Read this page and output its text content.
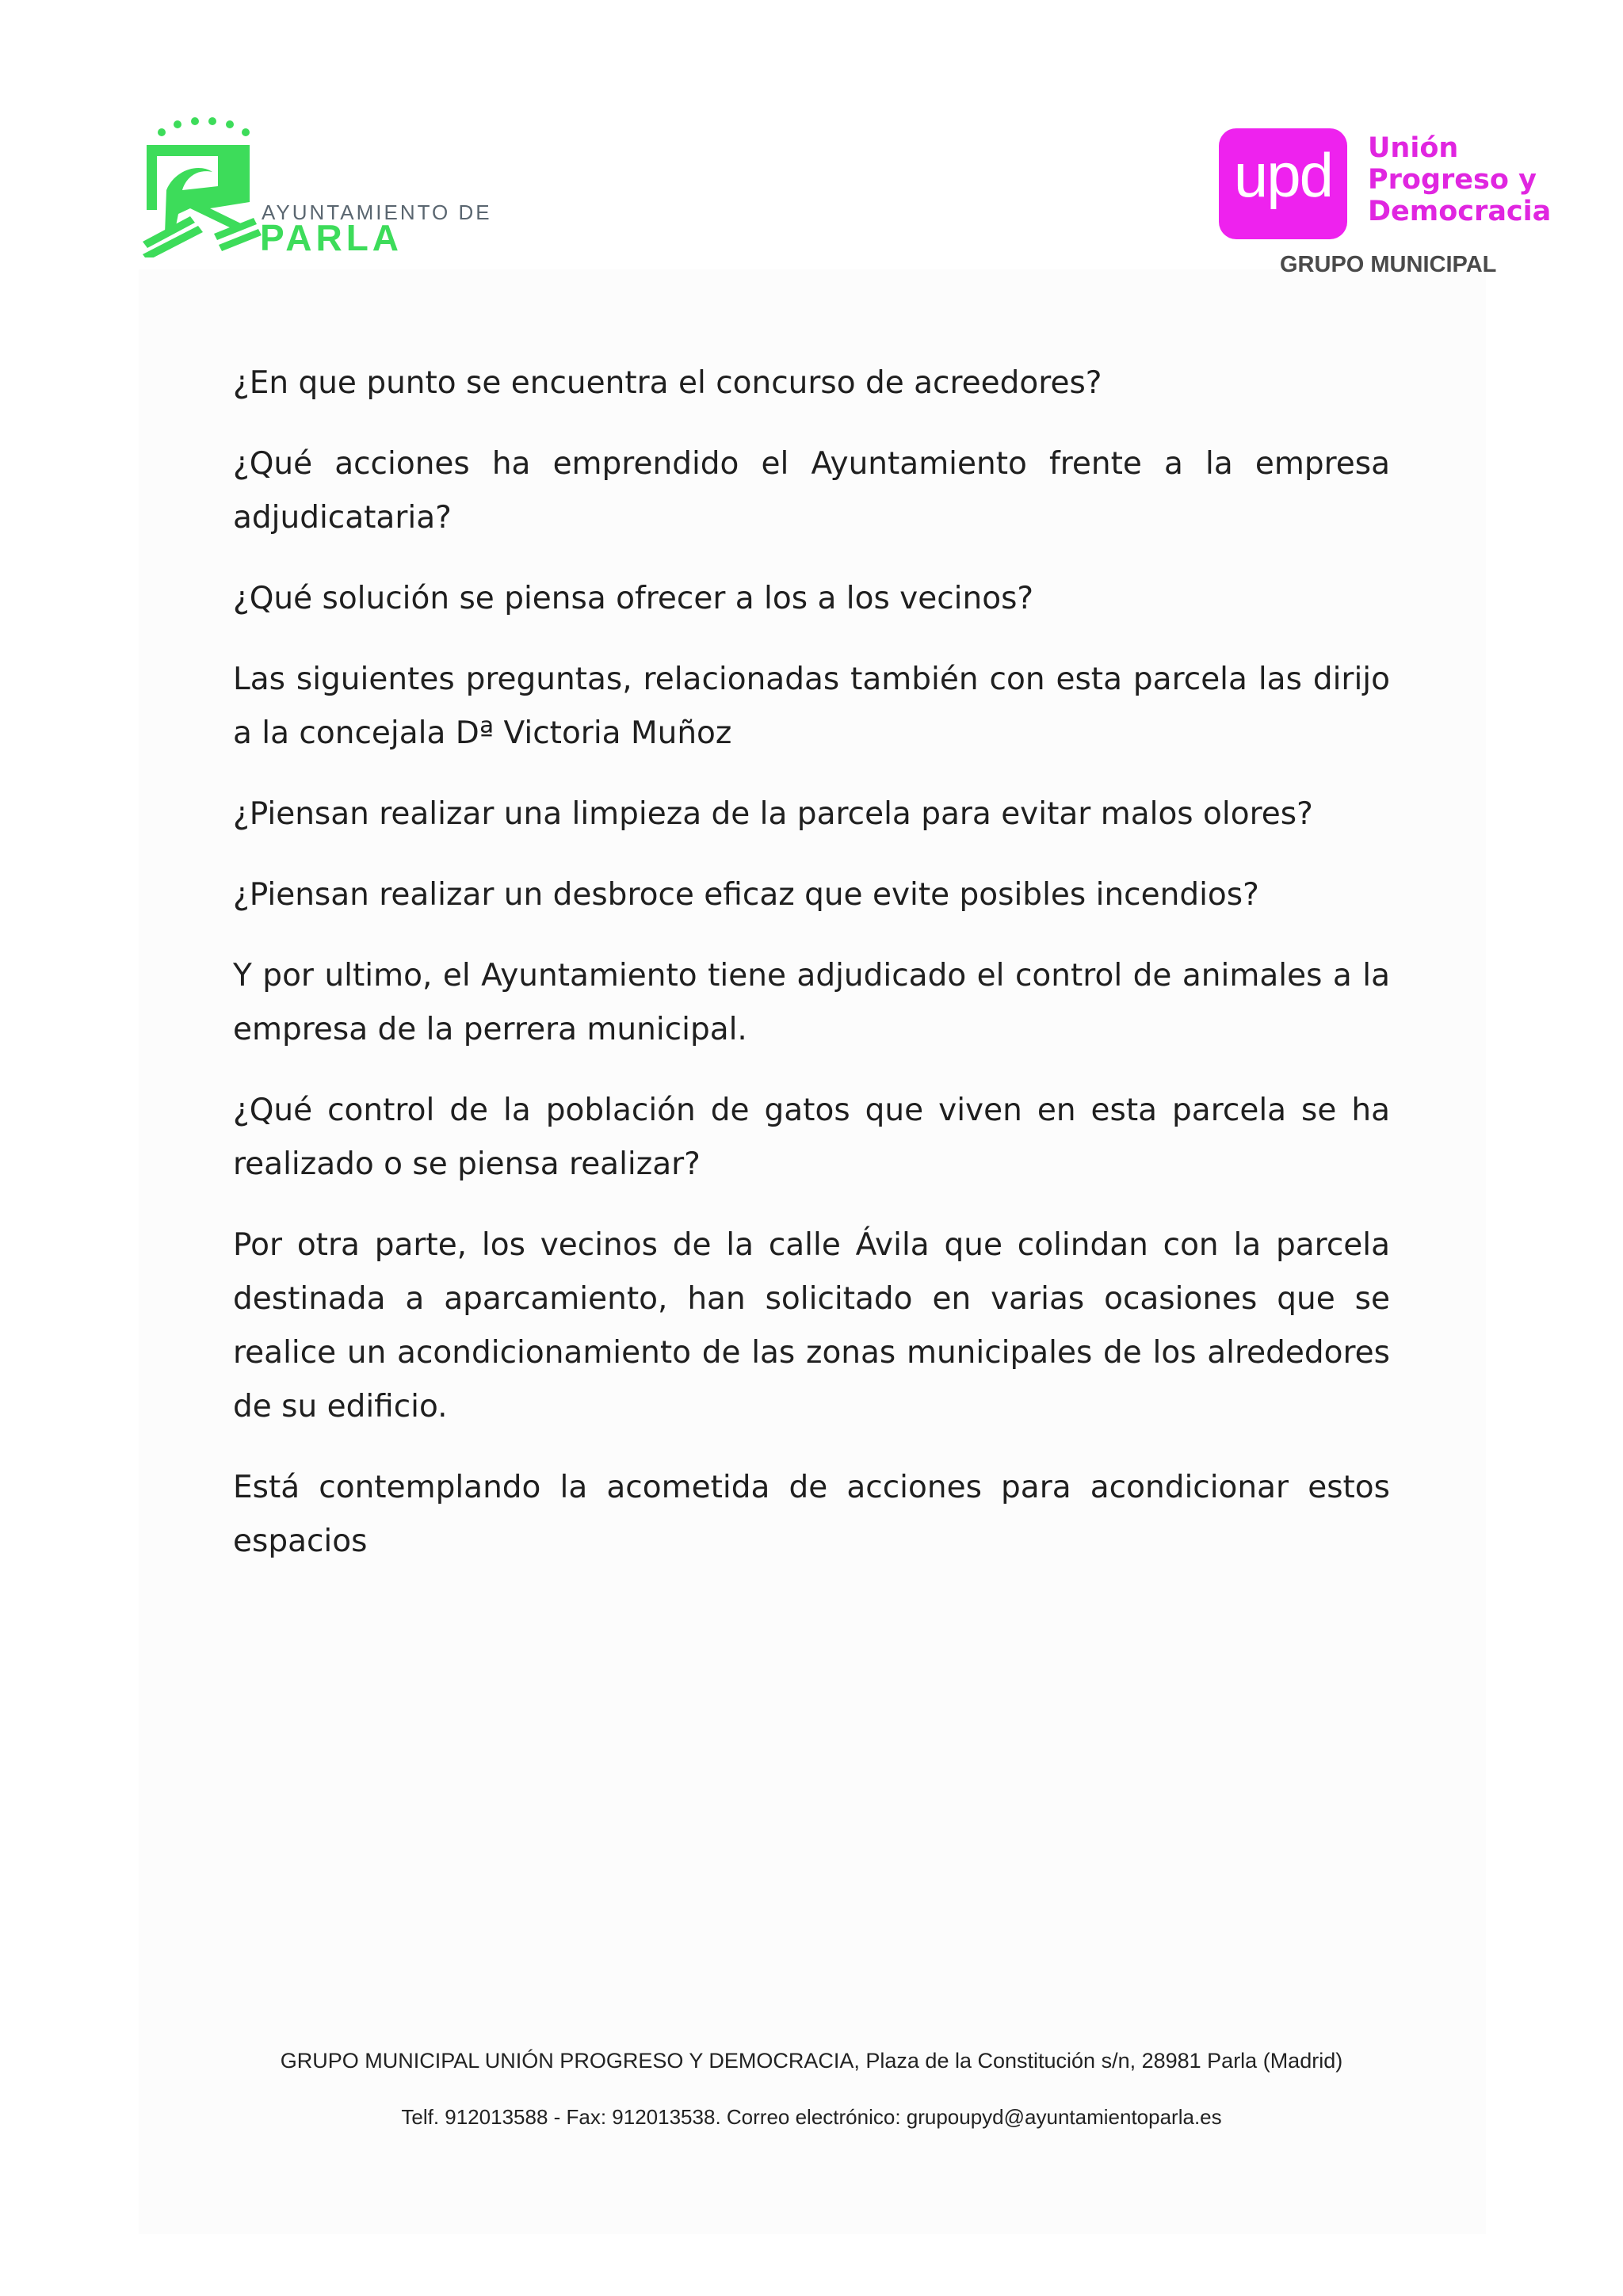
AYUNTAMIENTO DE
PARLA
upd	Unión
Progreso y
Democracia
GRUPO MUNICIPAL

¿En que punto se encuentra el concurso de acreedores?

¿Qué acciones ha emprendido el Ayuntamiento frente a la empresa adjudicataria?

¿Qué solución se piensa ofrecer a los a los vecinos?

Las siguientes preguntas, relacionadas también con esta parcela las dirijo a la concejala Dª Victoria Muñoz

¿Piensan realizar una limpieza de la parcela para evitar malos olores?

¿Piensan realizar un desbroce eficaz que evite posibles incendios?

Y por ultimo, el Ayuntamiento tiene adjudicado el control de animales a la empresa de la perrera municipal.

¿Qué control de la población de gatos que viven en esta parcela se ha realizado o se piensa realizar?

Por otra parte, los vecinos de la calle Ávila que colindan con la parcela destinada a aparcamiento, han solicitado en varias ocasiones que se realice un acondicionamiento de las zonas municipales de los alrededores de su edificio.

Está contemplando la acometida de acciones para acondicionar estos espacios

GRUPO MUNICIPAL UNIÓN PROGRESO Y DEMOCRACIA, Plaza de la Constitución s/n, 28981 Parla (Madrid)
Telf. 912013588 - Fax: 912013538. Correo electrónico: grupoupyd@ayuntamientoparla.es
